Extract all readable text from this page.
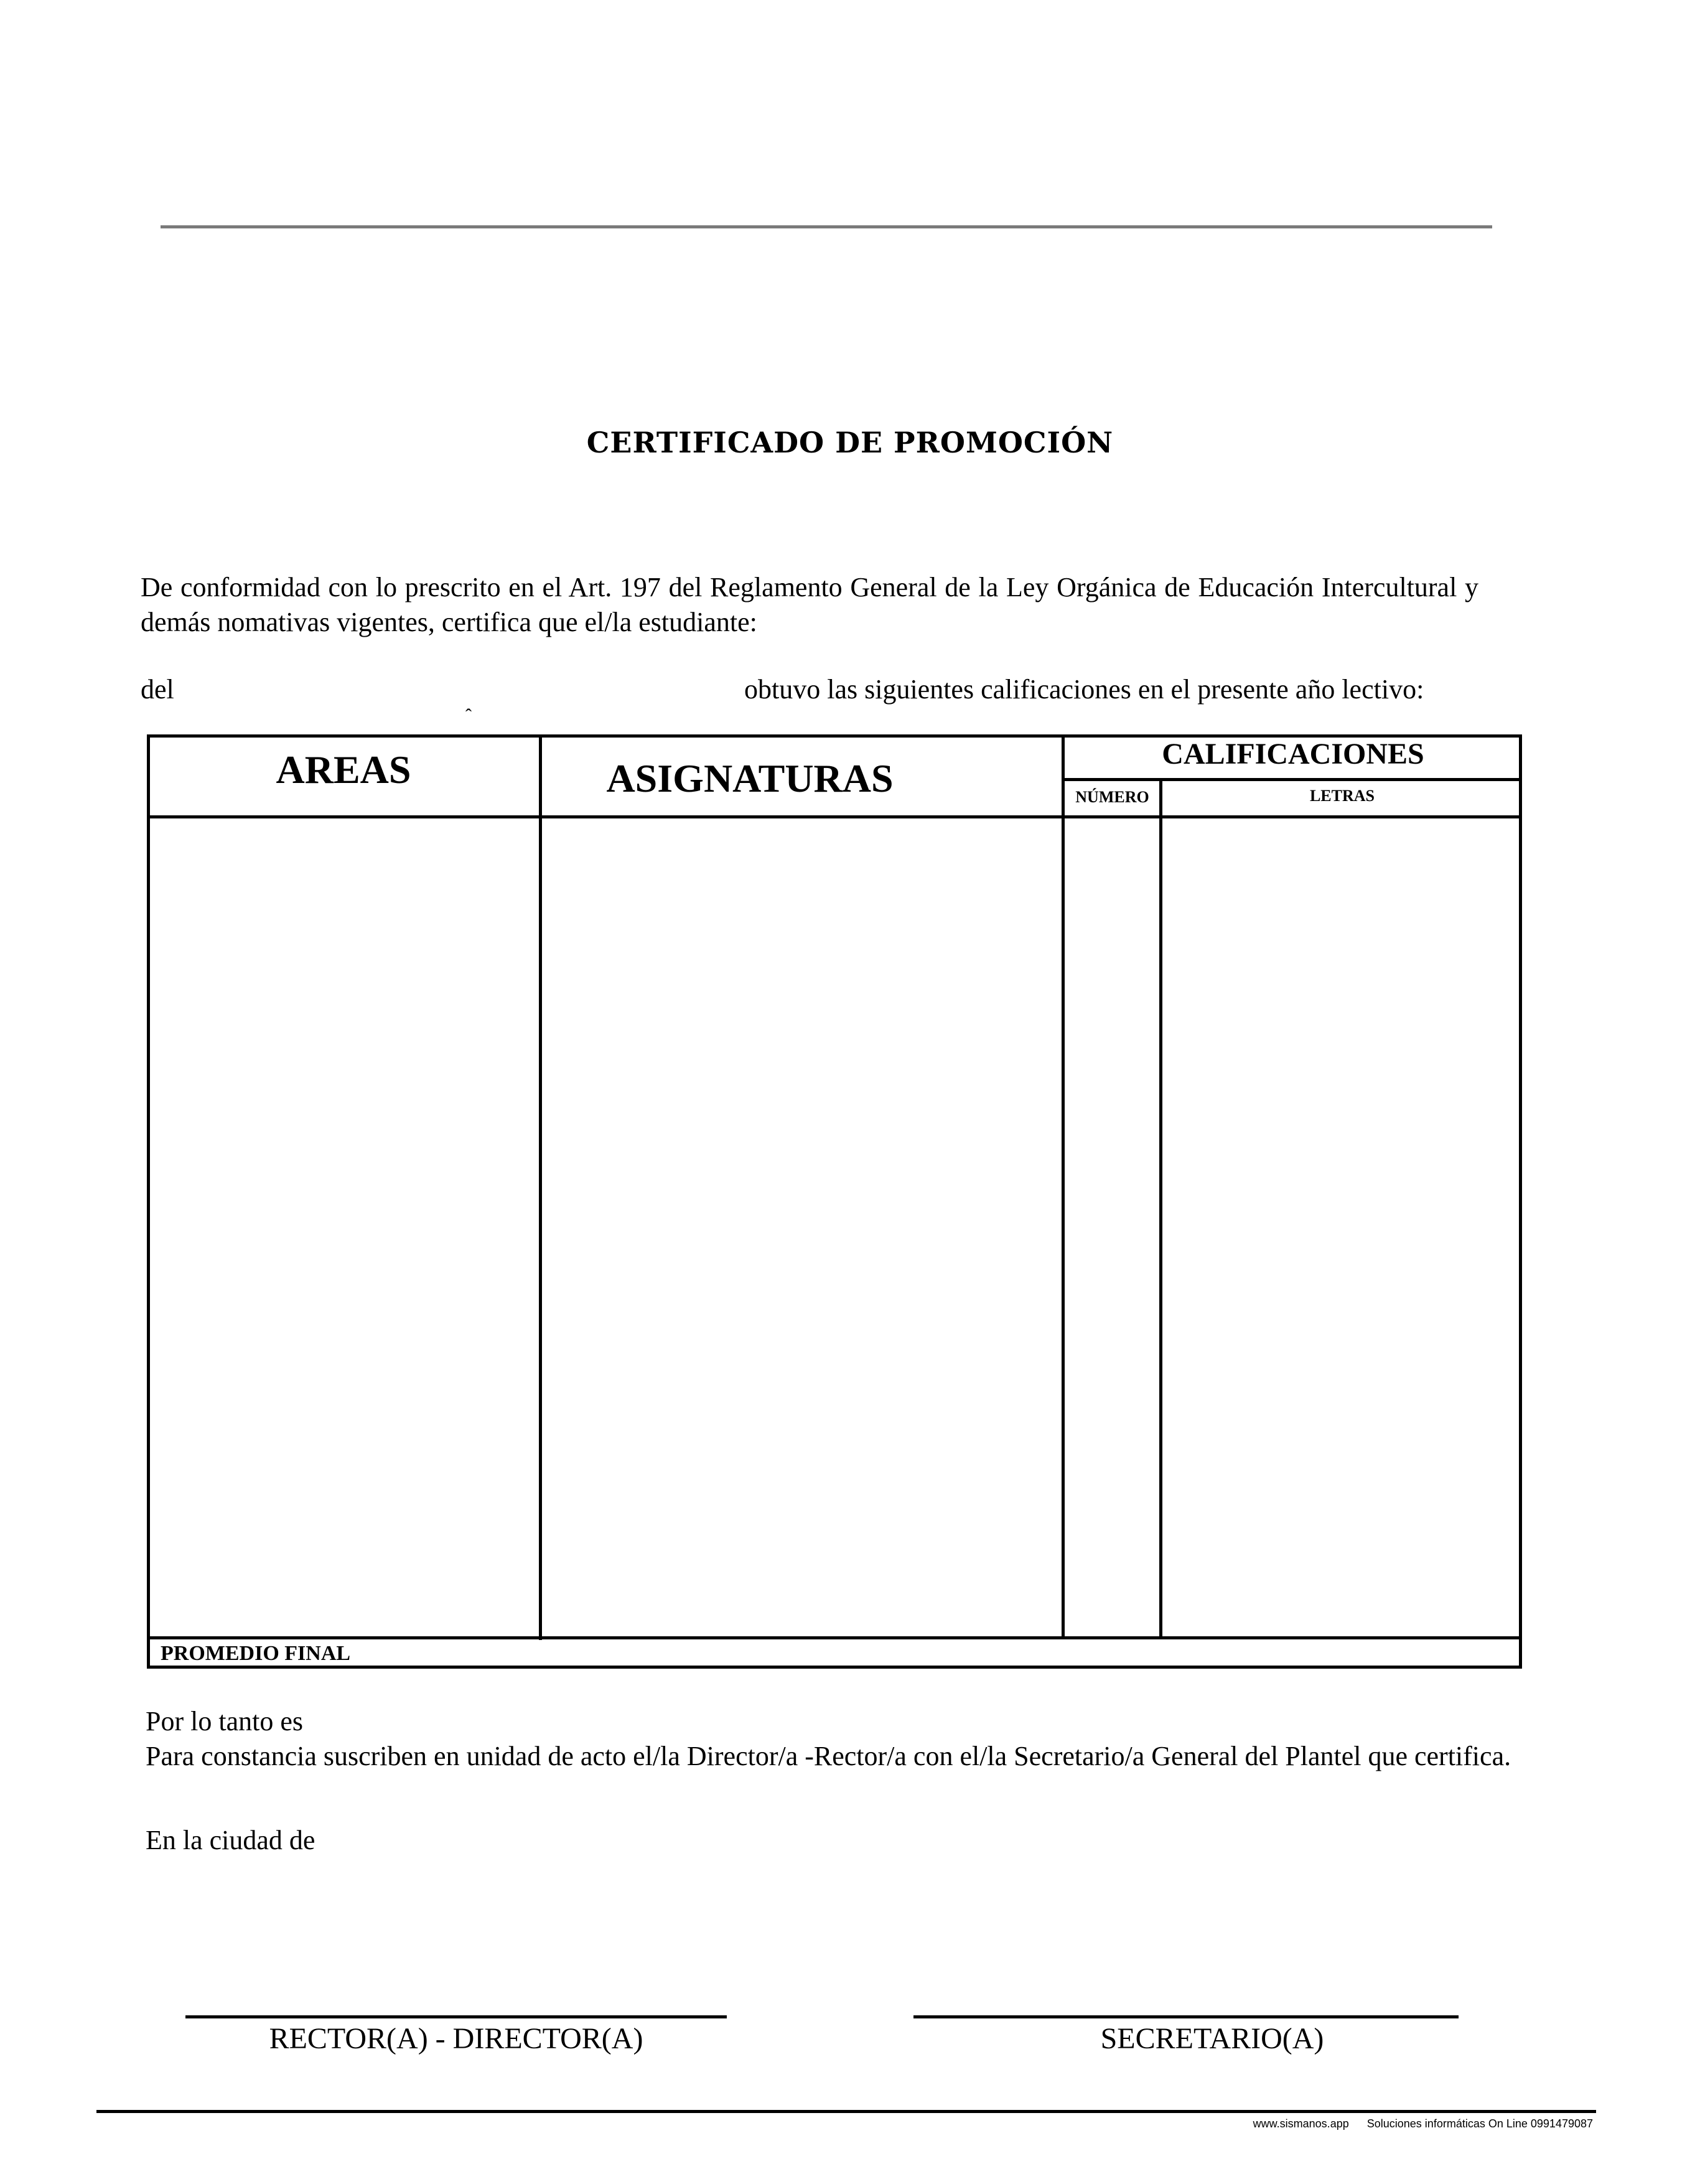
CERTIFICADO DE PROMOCIÓN
De conformidad con lo prescrito en el Art. 197 del Reglamento General de la Ley Orgánica de Educación Intercultural y demás nomativas vigentes, certifica que el/la estudiante:
del
ˆ
obtuvo las siguientes calificaciones en el presente año lectivo:
AREAS	ASIGNATURAS
CALIFICACIONES
NÚMERO	LETRAS
PROMEDIO FINAL
Por lo tanto es
Para constancia suscriben en unidad de acto el/la Director/a -Rector/a con el/la Secretario/a General del Plantel que certifica.
En la ciudad de
RECTOR(A) - DIRECTOR(A)	SECRETARIO(A)
www.sismanos.app Soluciones informáticas On Line 0991479087
